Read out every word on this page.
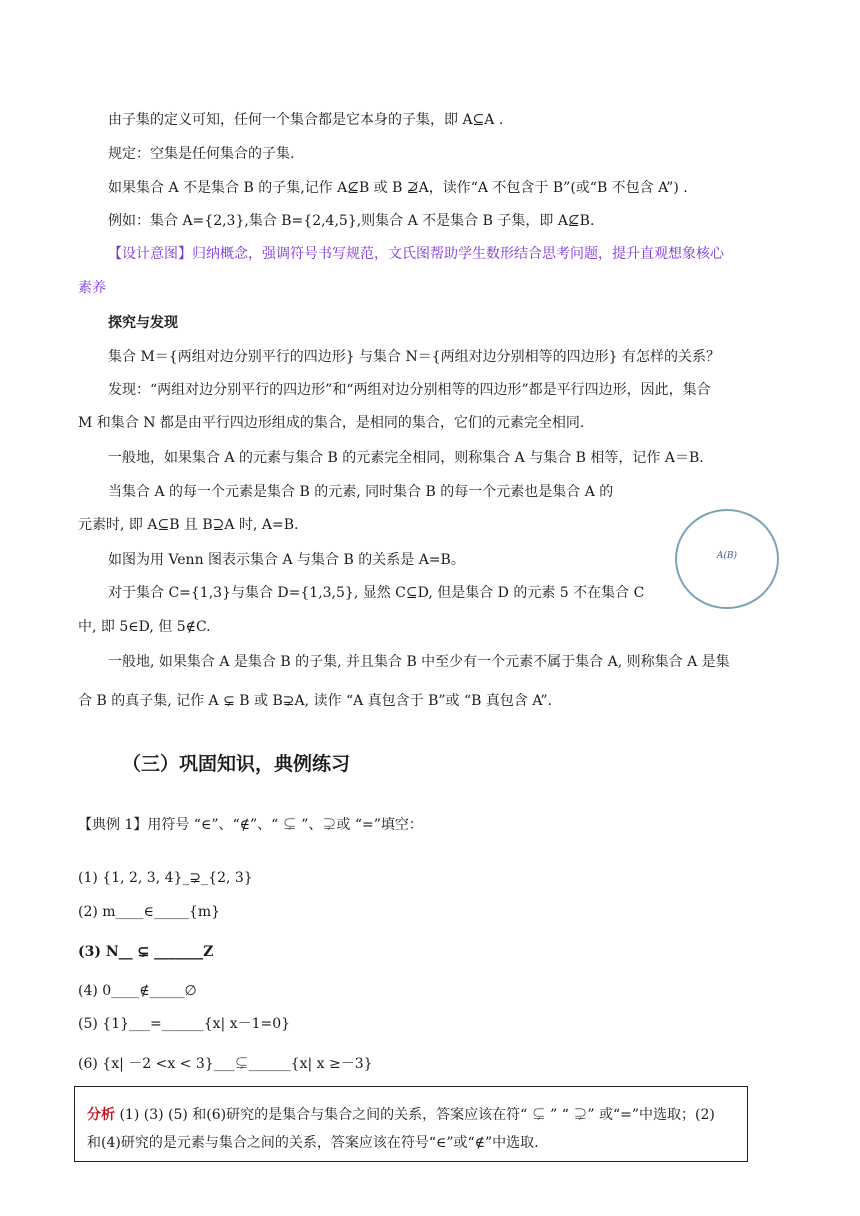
由子集的定义可知，任何一个集合都是它本身的子集，即 A⊆A .
规定：空集是任何集合的子集.
如果集合 A 不是集合 B 的子集,记作 A⊈B 或 B ⊉A，读作“A 不包含于 B”(或“B 不包含 A”) .
例如：集合 A={2,3},集合 B={2,4,5},则集合 A 不是集合 B 子集，即 A⊈B.
【设计意图】归纳概念，强调符号书写规范，文氏图帮助学生数形结合思考问题，提升直观想象核心
素养
探究与发现
集合 M＝{两组对边分别平行的四边形} 与集合 N＝{两组对边分别相等的四边形} 有怎样的关系？
发现：“两组对边分别平行的四边形”和“两组对边分别相等的四边形”都是平行四边形，因此，集合
M 和集合 N 都是由平行四边形组成的集合，是相同的集合，它们的元素完全相同.
一般地，如果集合 A 的元素与集合 B 的元素完全相同，则称集合 A 与集合 B 相等，记作 A＝B.
当集合 A 的每一个元素是集合 B 的元素, 同时集合 B 的每一个元素也是集合 A 的
元素时, 即 A⊆B 且 B⊇A 时, A=B.
如图为用 Venn 图表示集合 A 与集合 B 的关系是 A=B。
对于集合 C={1,3}与集合 D={1,3,5}, 显然 C⊆D, 但是集合 D 的元素 5 不在集合 C
中, 即 5∈D, 但 5∉C.
A(B)
一般地, 如果集合 A 是集合 B 的子集, 并且集合 B 中至少有一个元素不属于集合 A, 则称集合 A 是集
合 B 的真子集, 记作 A ⊊ B 或 B⊋A, 读作 “A 真包含于 B”或 “B 真包含 A”.
（三）巩固知识，典例练习
【典例 1】用符号 “∈”、“∉”、“ ⊊ ”、⊋或 “=”填空：
(1) {1, 2, 3, 4}_⊋_{2, 3}
(2) m____∈_____{m}
(3) N__ ⊊ _______Z
(4) 0____∉_____∅
(5) {1}___=______{x| x－1=0}
(6) {x| －2 <x < 3}___⊊______{x| x ≥－3}
分析 (1) (3) (5) 和(6)研究的是集合与集合之间的关系，答案应该在符“ ⊊ ” “ ⊋” 或“=”中选取；(2)
和(4)研究的是元素与集合之间的关系，答案应该在符号“∈”或“∉”中选取.
